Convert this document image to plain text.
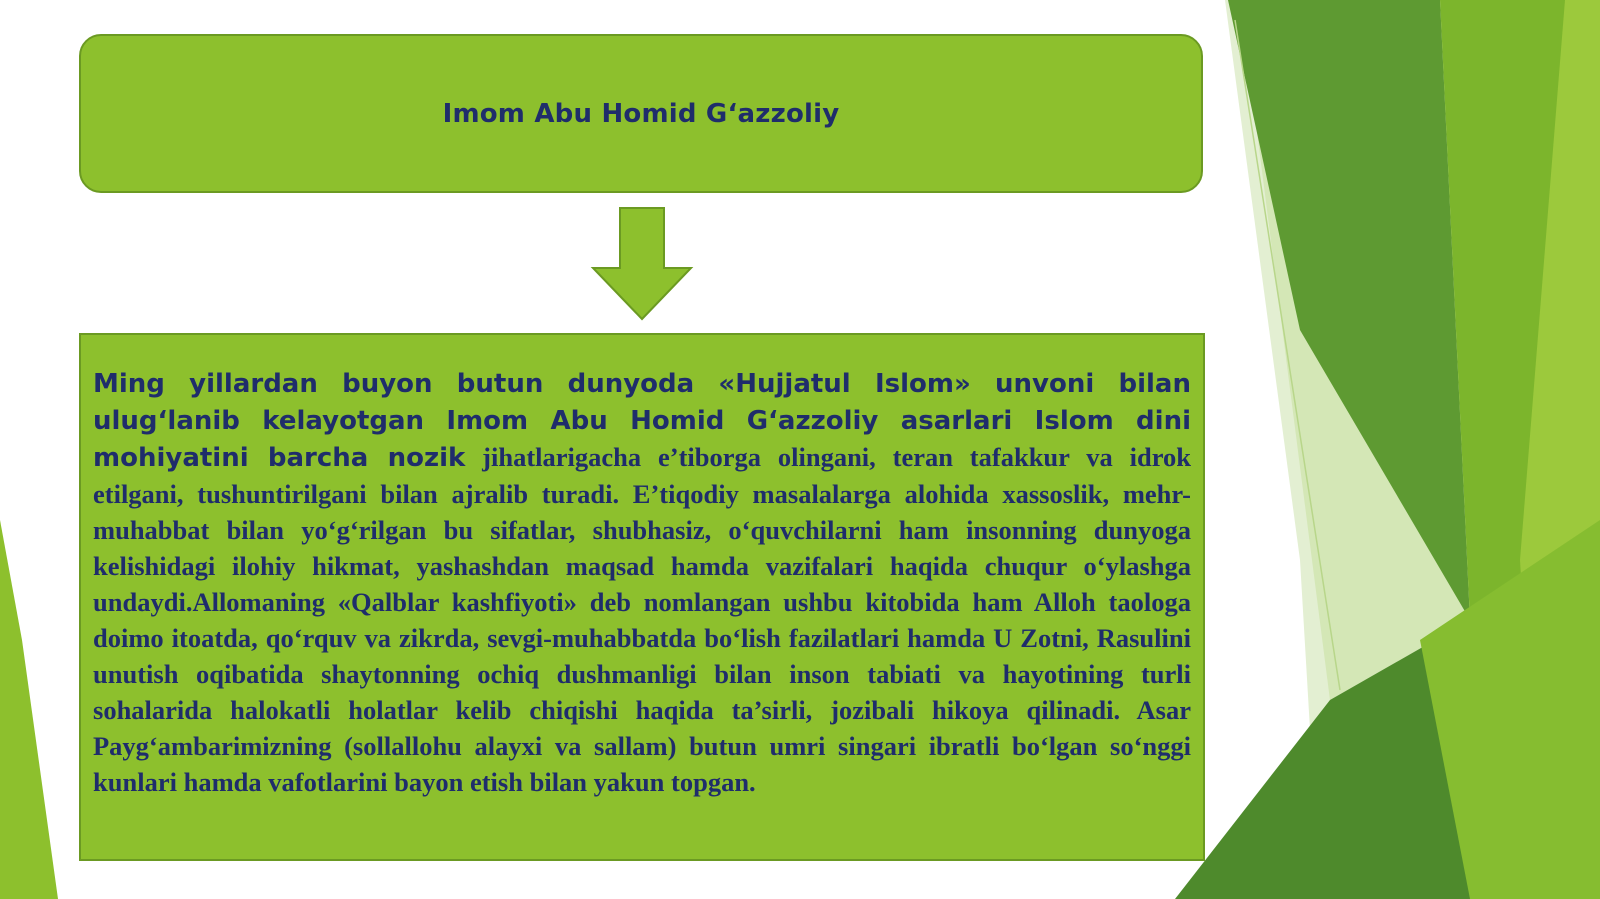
Imom Abu Homid G‘azzoliy

Ming yillardan buyon butun dunyoda «Hujjatul Islom» unvoni bilan ulug‘lanib kelayotgan Imom Abu Homid G‘azzoliy asarlari Islom dini mohiyatini barcha nozik jihatlarigacha e’tiborga olingani, teran tafakkur va idrok etilgani, tushuntirilgani bilan ajralib turadi. E’tiqodiy masalalarga alohida xassoslik, mehr-muhabbat bilan yo‘g‘rilgan bu sifatlar, shubhasiz, o‘quvchilarni ham insonning dunyoga kelishidagi ilohiy hikmat, yashashdan maqsad hamda vazifalari haqida chuqur o‘ylashga undaydi.Allomaning «Qalblar kashfiyoti» deb nomlangan ushbu kitobida ham Alloh taologa doimo itoatda, qo‘rquv va zikrda, sevgi-muhabbatda bo‘lish fazilatlari hamda U Zotni, Rasulini unutish oqibatida shaytonning ochiq dushmanligi bilan inson tabiati va hayotining turli sohalarida halokatli holatlar kelib chiqishi haqida ta’sirli, jozibali hikoya qilinadi. Asar Payg‘ambarimizning (sollallohu alayxi va sallam) butun umri singari ibratli bo‘lgan so‘nggi kunlari hamda vafotlarini bayon etish bilan yakun topgan.
